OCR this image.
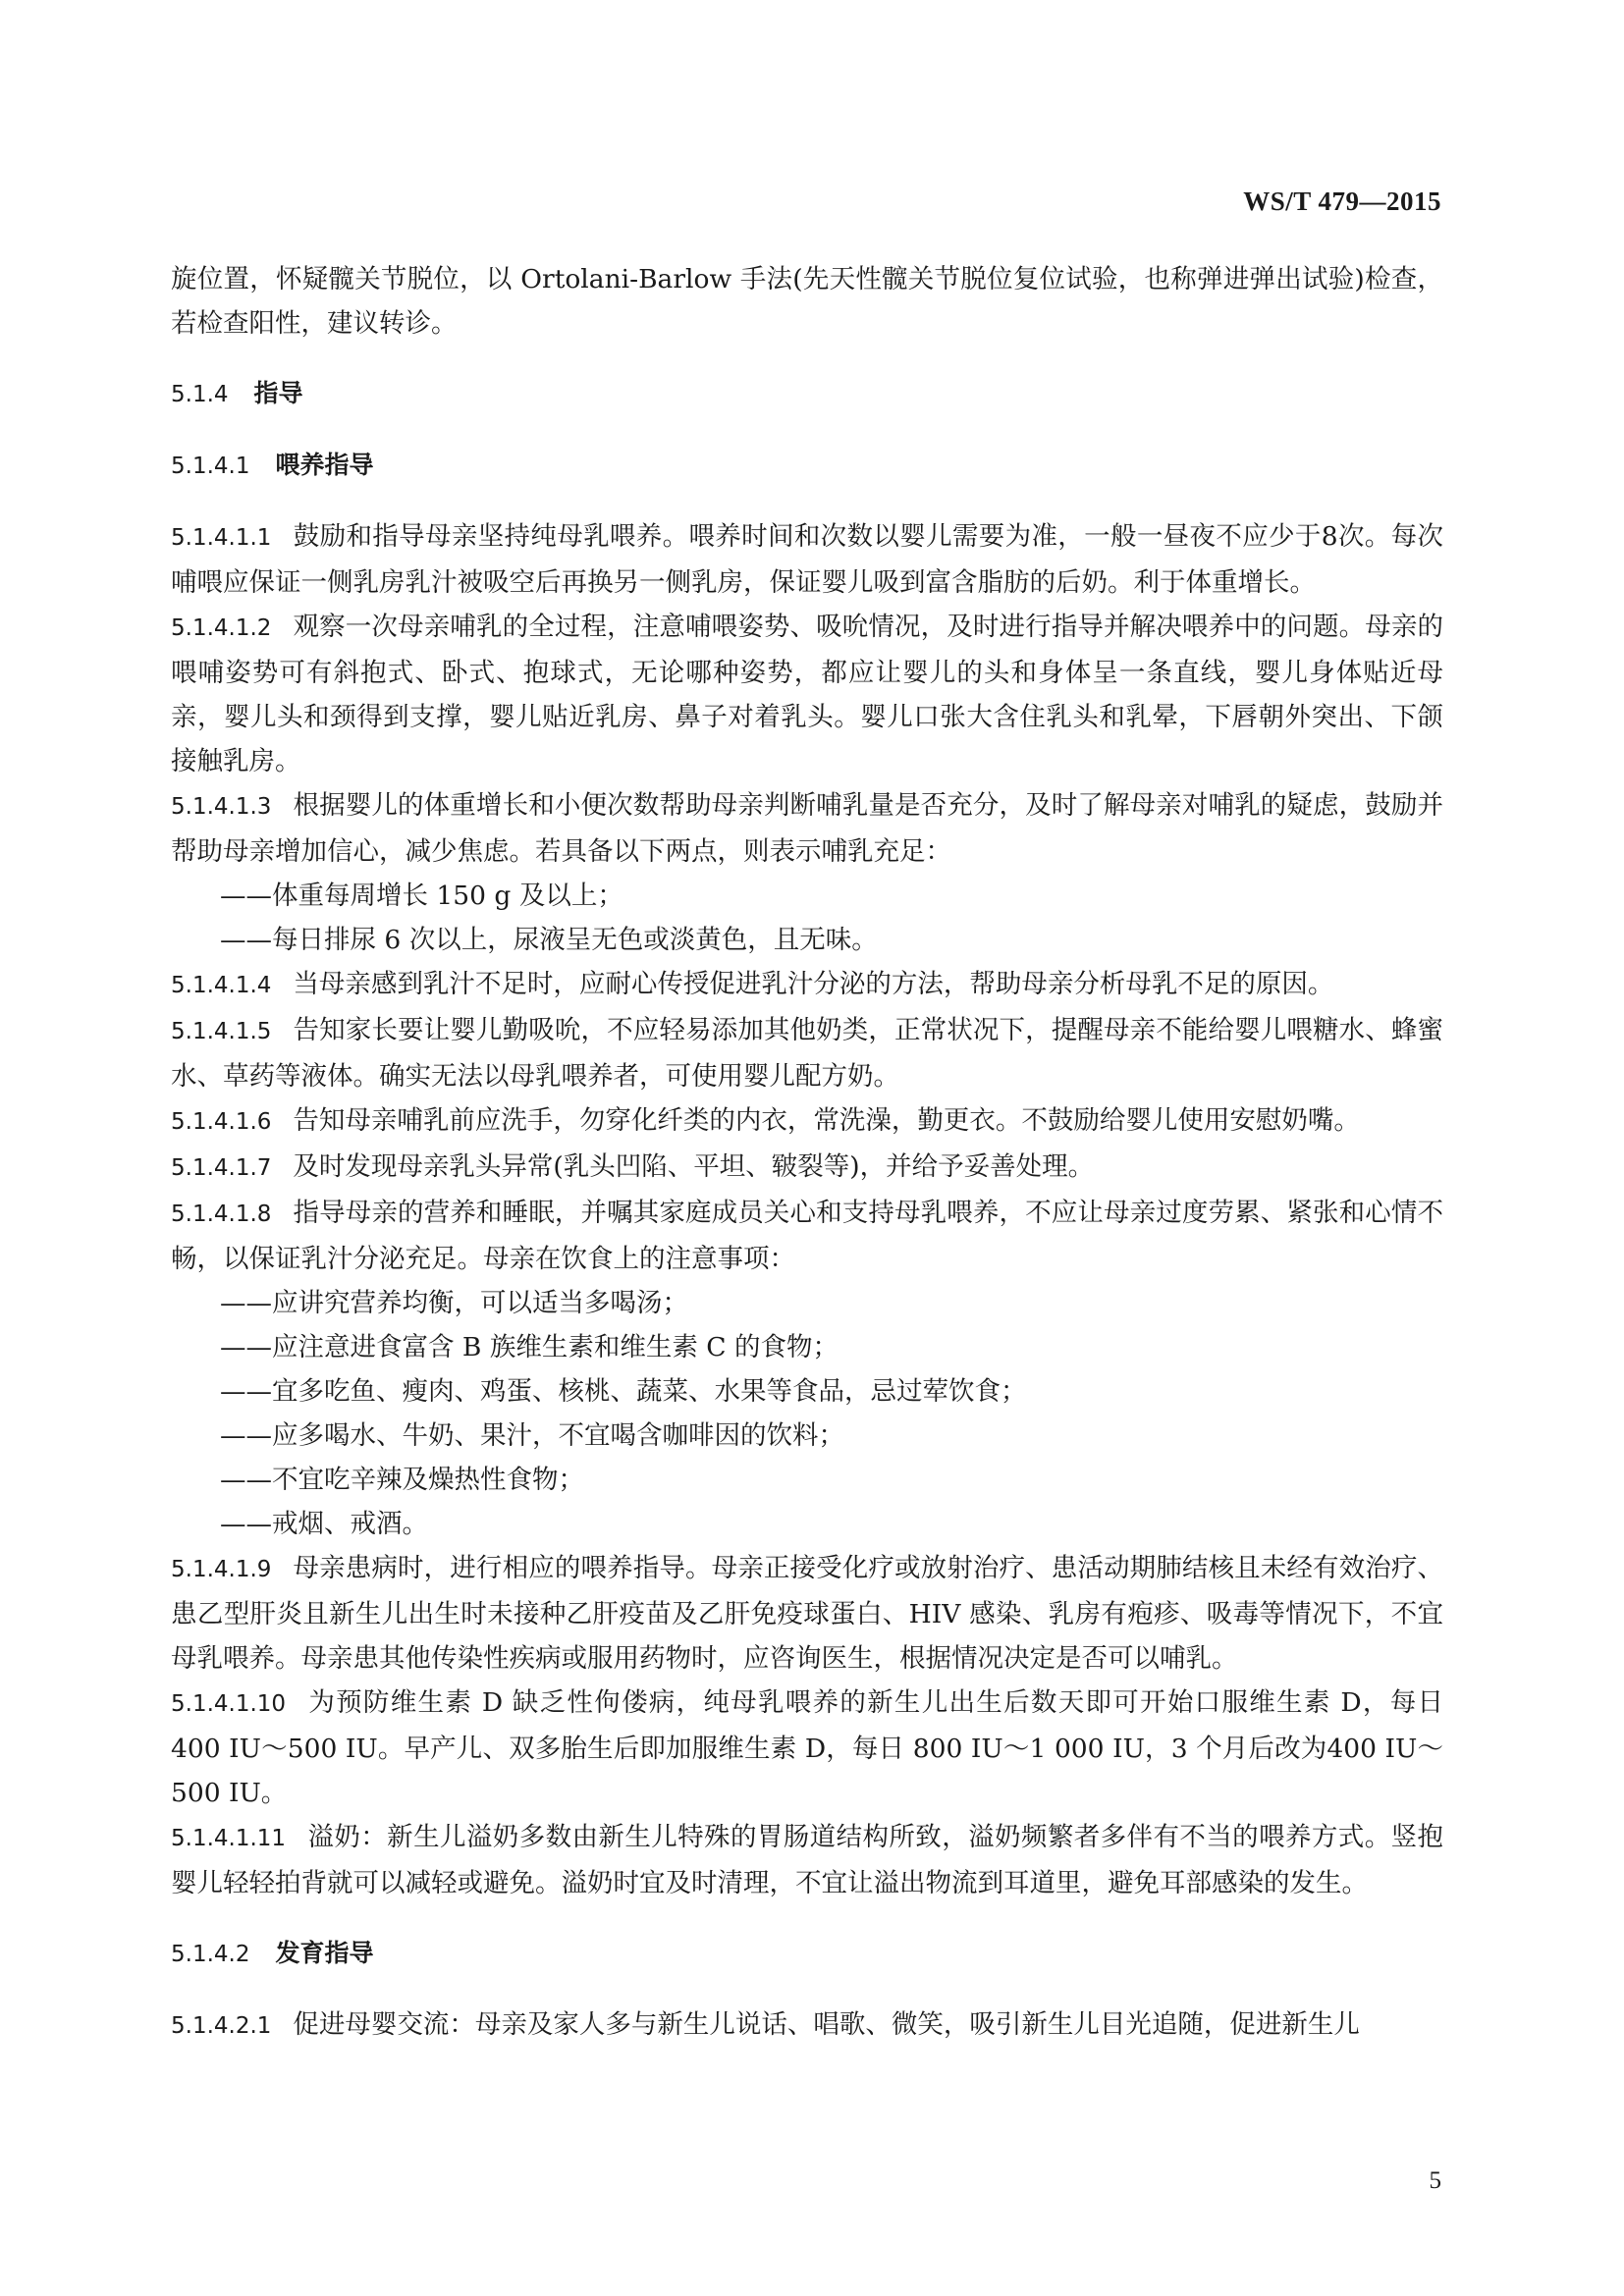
WS/T 479—2015

旋位置，怀疑髋关节脱位，以 Ortolani-Barlow 手法(先天性髋关节脱位复位试验，也称弹进弹出试验)检查，若检查阳性，建议转诊。

5.1.4 指导
5.1.4.1 喂养指导

5.1.4.1.1 鼓励和指导母亲坚持纯母乳喂养。喂养时间和次数以婴儿需要为准，一般一昼夜不应少于8次。每次哺喂应保证一侧乳房乳汁被吸空后再换另一侧乳房，保证婴儿吸到富含脂肪的后奶。利于体重增长。

5.1.4.1.2 观察一次母亲哺乳的全过程，注意哺喂姿势、吸吮情况，及时进行指导并解决喂养中的问题。母亲的喂哺姿势可有斜抱式、卧式、抱球式，无论哪种姿势，都应让婴儿的头和身体呈一条直线，婴儿身体贴近母亲，婴儿头和颈得到支撑，婴儿贴近乳房、鼻子对着乳头。婴儿口张大含住乳头和乳晕，下唇朝外突出、下颌接触乳房。

5.1.4.1.3 根据婴儿的体重增长和小便次数帮助母亲判断哺乳量是否充分，及时了解母亲对哺乳的疑虑，鼓励并帮助母亲增加信心，减少焦虑。若具备以下两点，则表示哺乳充足：

——体重每周增长 150 g 及以上；

——每日排尿 6 次以上，尿液呈无色或淡黄色，且无味。

5.1.4.1.4 当母亲感到乳汁不足时，应耐心传授促进乳汁分泌的方法，帮助母亲分析母乳不足的原因。

5.1.4.1.5 告知家长要让婴儿勤吸吮，不应轻易添加其他奶类，正常状况下，提醒母亲不能给婴儿喂糖水、蜂蜜水、草药等液体。确实无法以母乳喂养者，可使用婴儿配方奶。

5.1.4.1.6 告知母亲哺乳前应洗手，勿穿化纤类的内衣，常洗澡，勤更衣。不鼓励给婴儿使用安慰奶嘴。

5.1.4.1.7 及时发现母亲乳头异常(乳头凹陷、平坦、皲裂等)，并给予妥善处理。

5.1.4.1.8 指导母亲的营养和睡眠，并嘱其家庭成员关心和支持母乳喂养，不应让母亲过度劳累、紧张和心情不畅，以保证乳汁分泌充足。母亲在饮食上的注意事项：

——应讲究营养均衡，可以适当多喝汤；

——应注意进食富含 B 族维生素和维生素 C 的食物；

——宜多吃鱼、瘦肉、鸡蛋、核桃、蔬菜、水果等食品，忌过荤饮食；

——应多喝水、牛奶、果汁，不宜喝含咖啡因的饮料；

——不宜吃辛辣及燥热性食物；

——戒烟、戒酒。

5.1.4.1.9 母亲患病时，进行相应的喂养指导。母亲正接受化疗或放射治疗、患活动期肺结核且未经有效治疗、患乙型肝炎且新生儿出生时未接种乙肝疫苗及乙肝免疫球蛋白、HIV 感染、乳房有疱疹、吸毒等情况下，不宜母乳喂养。母亲患其他传染性疾病或服用药物时，应咨询医生，根据情况决定是否可以哺乳。

5.1.4.1.10 为预防维生素 D 缺乏性佝偻病，纯母乳喂养的新生儿出生后数天即可开始口服维生素 D，每日 400 IU～500 IU。早产儿、双多胎生后即加服维生素 D，每日 800 IU～1 000 IU，3 个月后改为400 IU～500 IU。

5.1.4.1.11 溢奶：新生儿溢奶多数由新生儿特殊的胃肠道结构所致，溢奶频繁者多伴有不当的喂养方式。竖抱婴儿轻轻拍背就可以减轻或避免。溢奶时宜及时清理，不宜让溢出物流到耳道里，避免耳部感染的发生。

5.1.4.2 发育指导

5.1.4.2.1 促进母婴交流：母亲及家人多与新生儿说话、唱歌、微笑，吸引新生儿目光追随，促进新生儿

5
